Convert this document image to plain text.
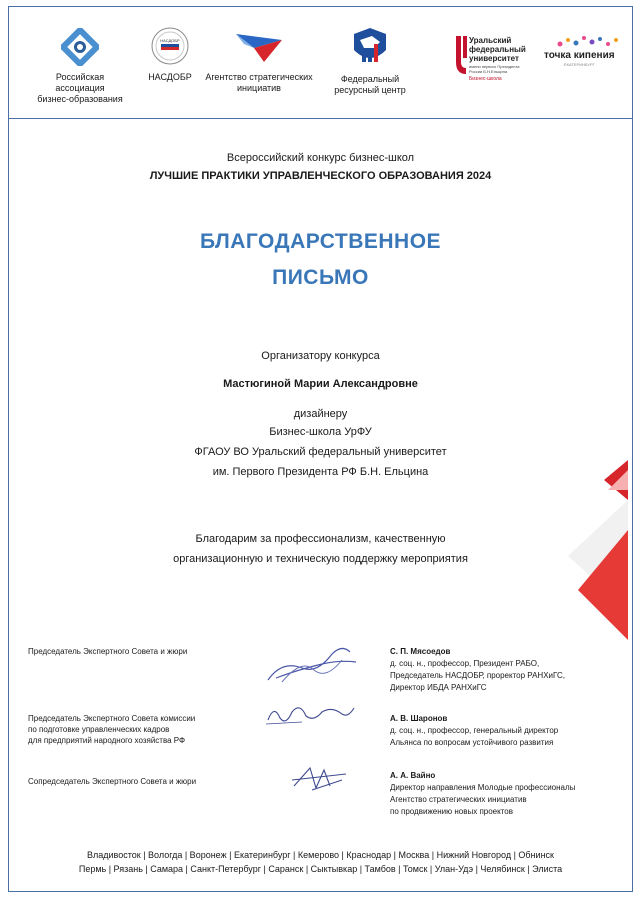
Российская ассоциация
бизнес-образования
НАСДОБР
НАСДОБР	Агентство стратегических
инициатив
Федеральный
ресурсный центр
Уральский
федеральный
университет
имени первого Президента России Б.Н.Ельцина
Бизнес-школа
точка кипения
ЕКАТЕРИНБУРГ
Всероссийский конкурс бизнес-школ
ЛУЧШИЕ ПРАКТИКИ УПРАВЛЕНЧЕСКОГО ОБРАЗОВАНИЯ 2024
БЛАГОДАРСТВЕННОЕ
ПИСЬМО
Организатору конкурса
Мастюгиной Марии Александровне
дизайнеру
Бизнес-школа УрФУ
ФГАОУ ВО Уральский федеральный университет
им. Первого Президента РФ Б.Н. Ельцина
Благодарим за профессионализм, качественную
организационную и техническую поддержку мероприятия
Председатель Экспертного Совета и жюри	С. П. Мясоедов
д. соц. н., профессор, Президент РАБО,
Председатель НАСДОБР, проректор РАНХиГС,
Директор ИБДА РАНХиГС
Председатель Экспертного Совета комиссии
по подготовке управленческих кадров
для предприятий народного хозяйства РФ
А. В. Шаронов
д. соц. н., профессор, генеральный директор
Альянса по вопросам устойчивого развития
Сопредседатель Экспертного Совета и жюри
А. А. Вайно
Директор направления Молодые профессионалы
Агентство стратегических инициатив
по продвижению новых проектов
Владивосток | Вологда | Воронеж | Екатеринбург | Кемерово | Краснодар | Москва | Нижний Новгород | Обнинск
Пермь | Рязань | Самара | Санкт-Петербург | Саранск | Сыктывкар | Тамбов | Томск | Улан-Удэ | Челябинск | Элиста
